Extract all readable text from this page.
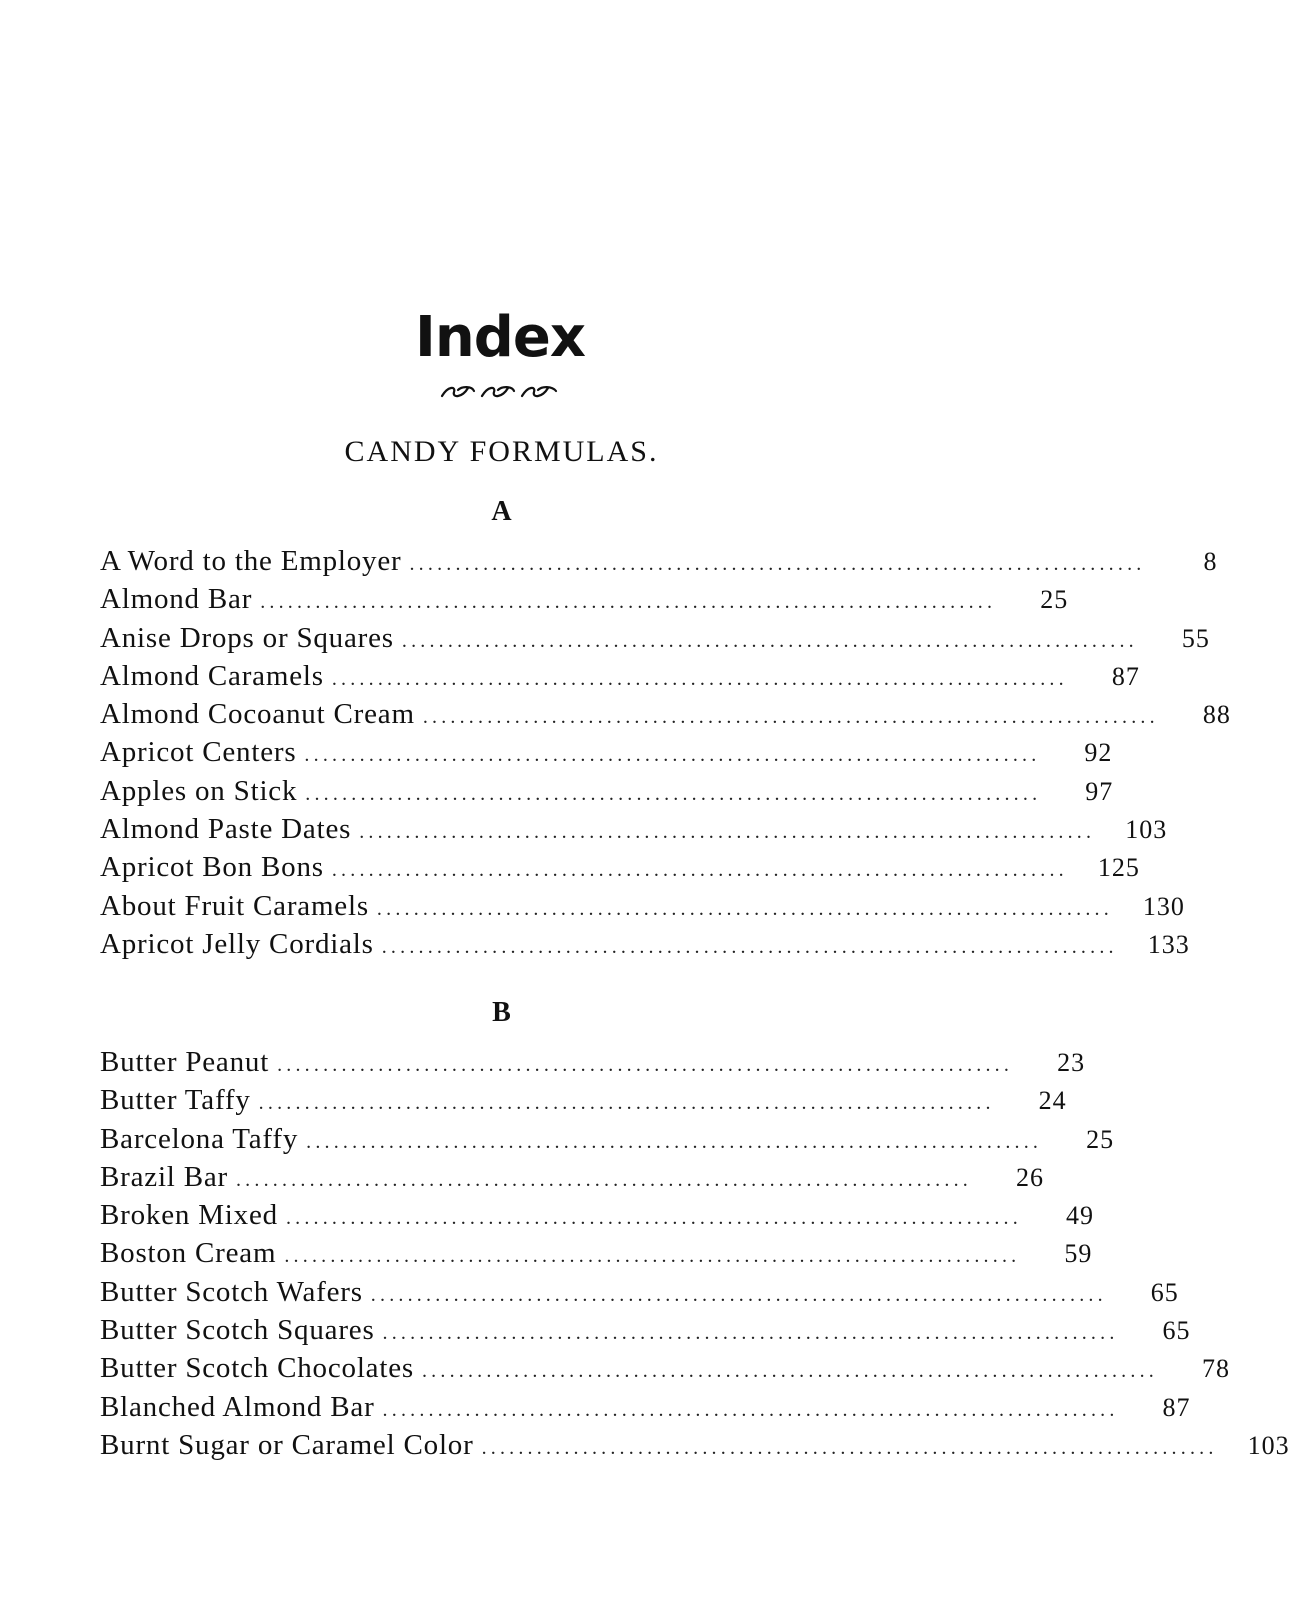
Index
CANDY FORMULAS.
A
A Word to the Employer ................................................................................	8
Almond Bar ................................................................................	25
Anise Drops or Squares ................................................................................	55
Almond Caramels ................................................................................	87
Almond Cocoanut Cream ................................................................................	88
Apricot Centers ................................................................................	92
Apples on Stick ................................................................................	97
Almond Paste Dates ................................................................................	103
Apricot Bon Bons ................................................................................	125
About Fruit Caramels ................................................................................	130
Apricot Jelly Cordials ................................................................................	133
B
Butter Peanut ................................................................................	23
Butter Taffy ................................................................................	24
Barcelona Taffy ................................................................................	25
Brazil Bar ................................................................................	26
Broken Mixed ................................................................................	49
Boston Cream ................................................................................	59
Butter Scotch Wafers ................................................................................	65
Butter Scotch Squares ................................................................................	65
Butter Scotch Chocolates ................................................................................	78
Blanched Almond Bar ................................................................................	87
Burnt Sugar or Caramel Color ................................................................................	103
